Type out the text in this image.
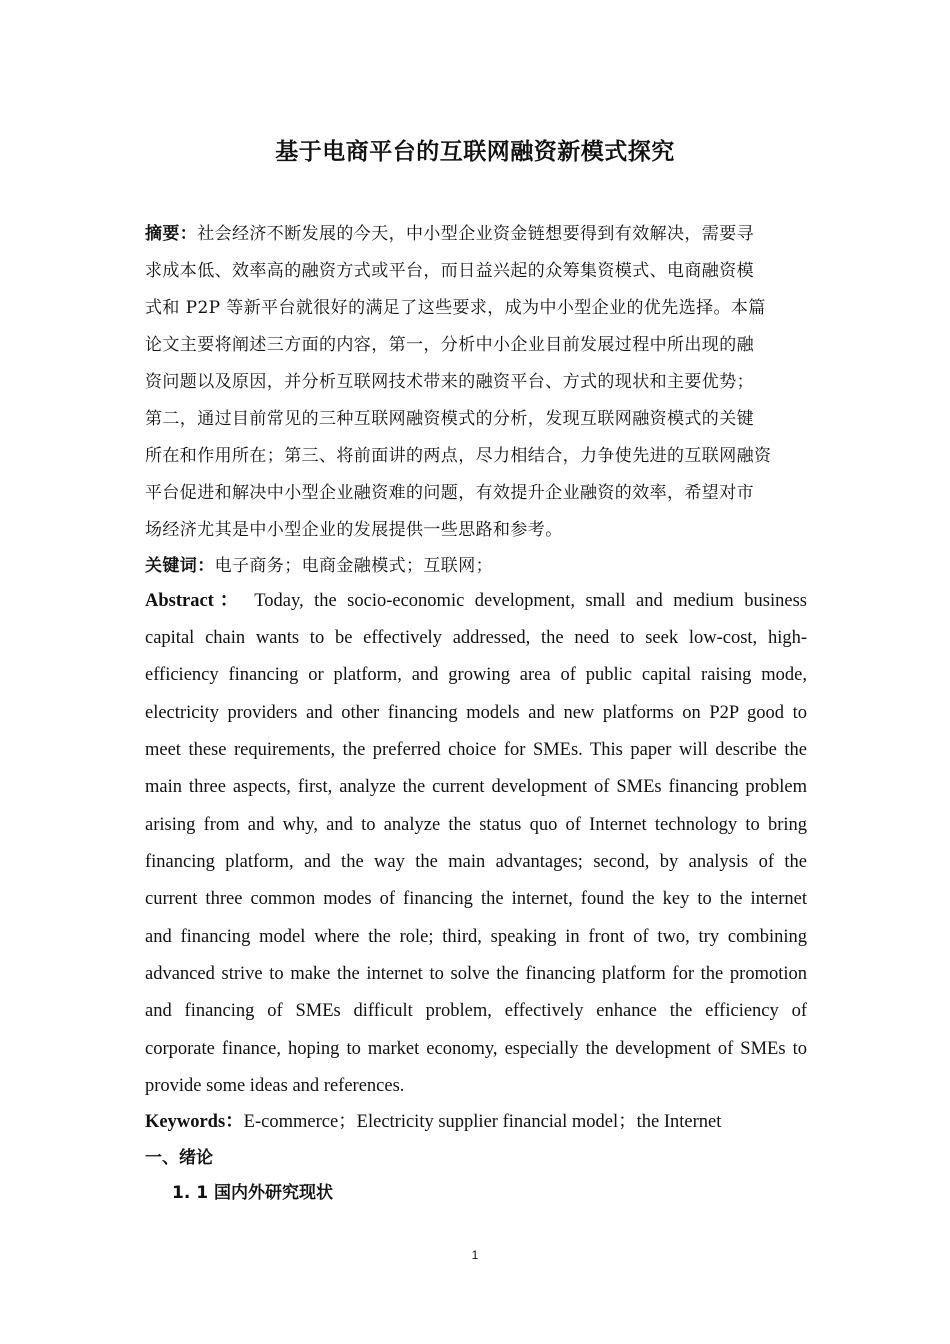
基于电商平台的互联网融资新模式探究
摘要：社会经济不断发展的今天，中小型企业资金链想要得到有效解决，需要寻
求成本低、效率高的融资方式或平台，而日益兴起的众筹集资模式、电商融资模
式和 P2P 等新平台就很好的满足了这些要求，成为中小型企业的优先选择。本篇
论文主要将阐述三方面的内容，第一，分析中小企业目前发展过程中所出现的融
资问题以及原因，并分析互联网技术带来的融资平台、方式的现状和主要优势；
第二，通过目前常见的三种互联网融资模式的分析，发现互联网融资模式的关键
所在和作用所在；第三、将前面讲的两点，尽力相结合，力争使先进的互联网融资
平台促进和解决中小型企业融资难的问题，有效提升企业融资的效率，希望对市
场经济尤其是中小型企业的发展提供一些思路和参考。
关键词：电子商务；电商金融模式；互联网；
Abstract： Today, the socio-economic development, small and medium business
capital chain wants to be effectively addressed, the need to seek low-cost, high-
efficiency financing or platform, and growing area of public capital raising mode,
electricity providers and other financing models and new platforms on P2P good to
meet these requirements, the preferred choice for SMEs. This paper will describe the
main three aspects, first, analyze the current development of SMEs financing problem
arising from and why, and to analyze the status quo of Internet technology to bring
financing platform, and the way the main advantages; second, by analysis of the
current three common modes of financing the internet, found the key to the internet
and financing model where the role; third, speaking in front of two, try combining
advanced strive to make the internet to solve the financing platform for the promotion
and financing of SMEs difficult problem, effectively enhance the efficiency of
corporate finance, hoping to market economy, especially the development of SMEs to
provide some ideas and references.
Keywords：E-commerce；Electricity supplier financial model；the Internet
一、绪论
1. 1 国内外研究现状
1
